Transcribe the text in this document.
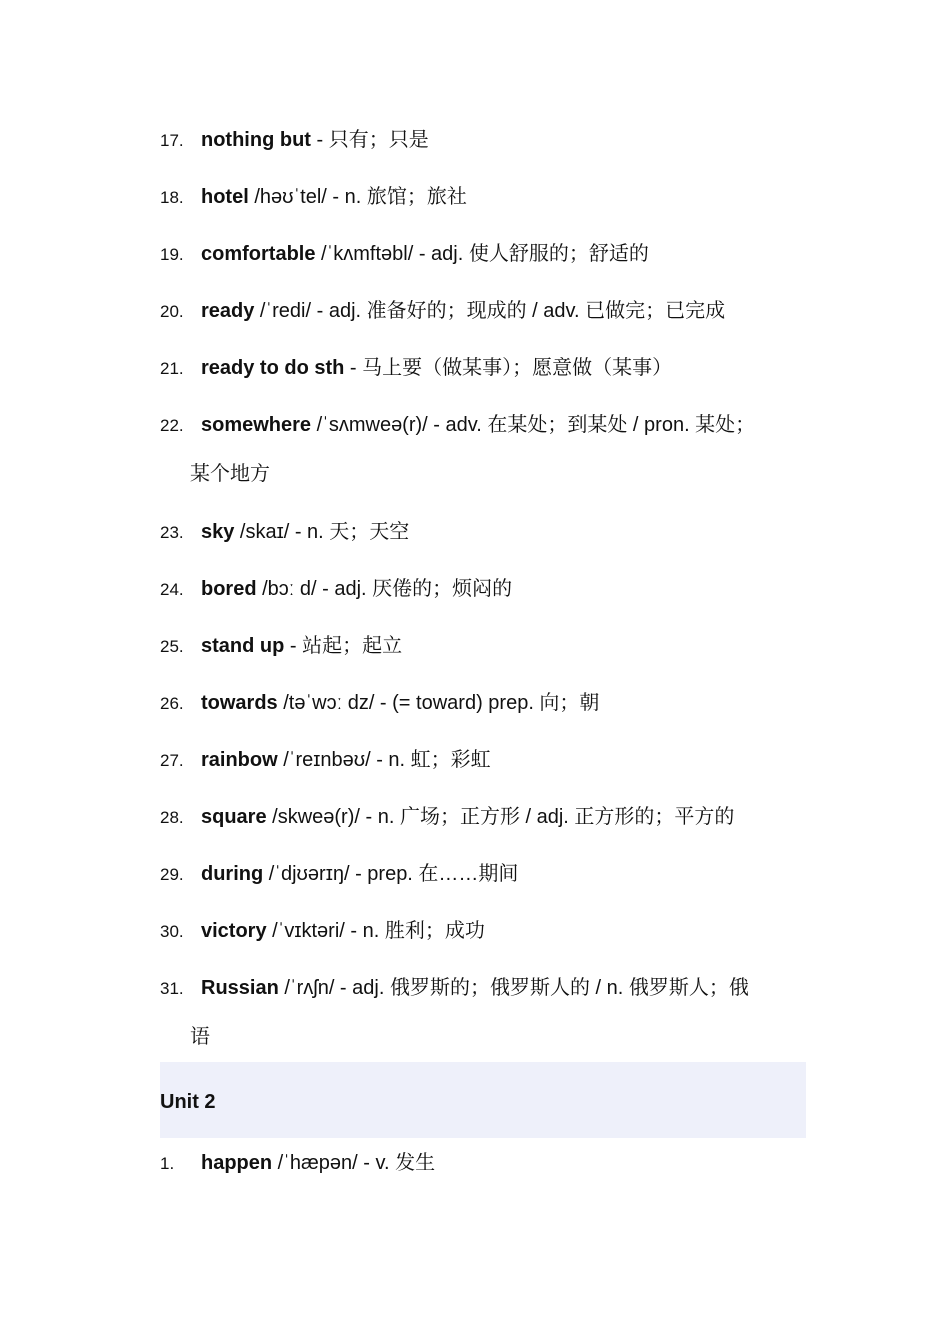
17. nothing but - 只有；只是
18. hotel /həʊˈtel/ - n. 旅馆；旅社
19. comfortable /ˈkʌmftəbl/ - adj. 使人舒服的；舒适的
20. ready /ˈredi/ - adj. 准备好的；现成的 / adv. 已做完；已完成
21. ready to do sth - 马上要（做某事）；愿意做（某事）
22. somewhere /ˈsʌmweə(r)/ - adv. 在某处；到某处 / pron. 某处；
某个地方
23. sky /skaɪ/ - n. 天；天空
24. bored /bɔː d/ - adj. 厌倦的；烦闷的
25. stand up - 站起；起立
26. towards /təˈwɔː dz/ - (= toward) prep. 向；朝
27. rainbow /ˈreɪnbəʊ/ - n. 虹；彩虹
28. square /skweə(r)/ - n. 广场；正方形 / adj. 正方形的；平方的
29. during /ˈdjʊərɪŋ/ - prep. 在……期间
30. victory /ˈvɪktəri/ - n. 胜利；成功
31. Russian /ˈrʌʃn/ - adj. 俄罗斯的；俄罗斯人的 / n. 俄罗斯人；俄
语
Unit 2
1. happen /ˈhæpən/ - v. 发生
